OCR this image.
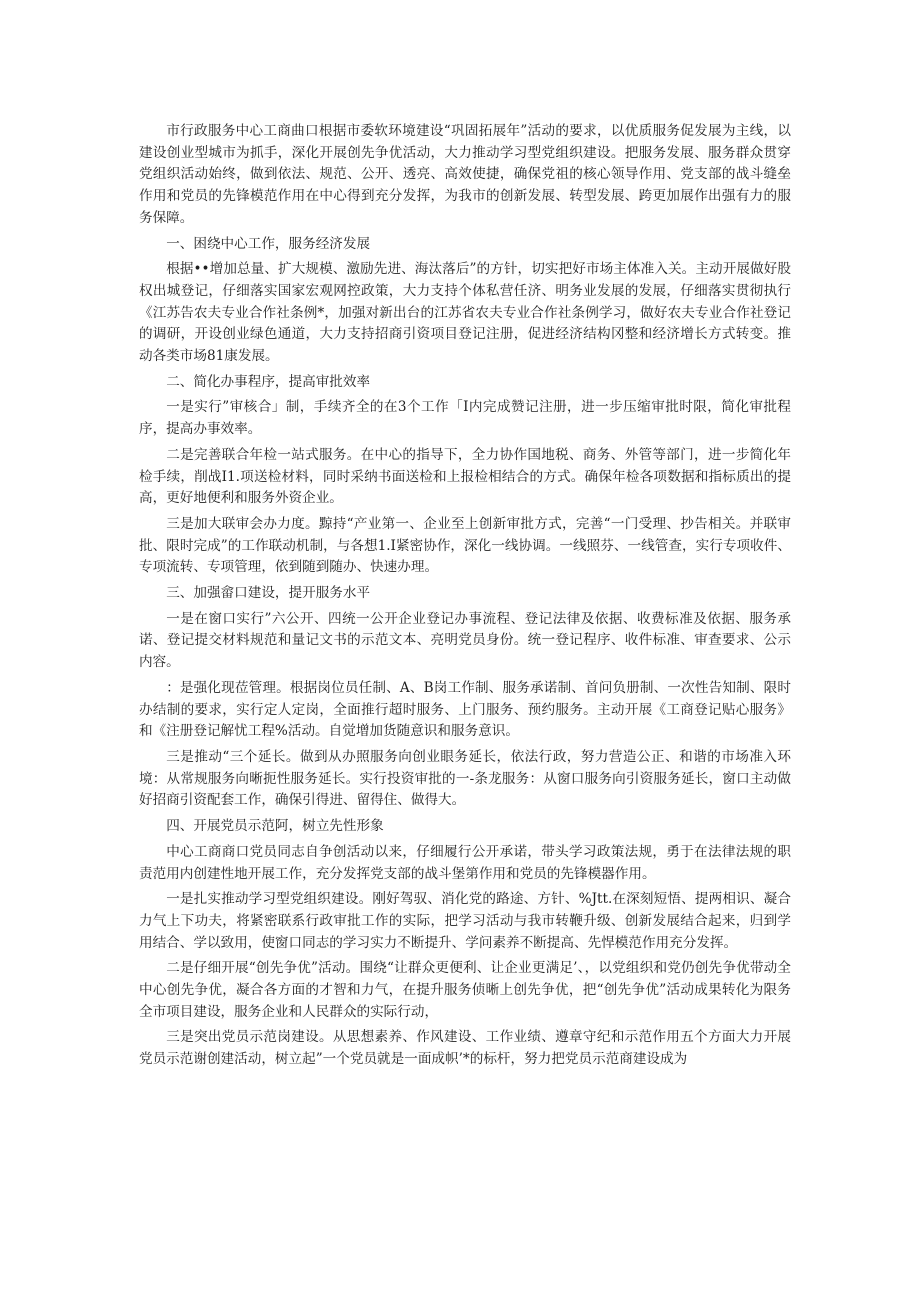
市行政服务中心工商曲口根据市委软环境建设“巩固拓展年”活动的要求，以优质服务促发展为主线，以建设创业型城市为抓手，深化开展创先争优活动，大力推动学习型党组织建设。把服务发展、服务群众贯穿党组织活动始终，做到依法、规范、公开、透亮、高效使捷，确保党祖的核心领导作用、党支部的战斗缝垒作用和党员的先锋模范作用在中心得到充分发挥，为我市的创新发展、转型发展、跨更加展作出强有力的服务保障。

一、困绕中心工作，服务经济发展

根据••增加总量、扩大规模、激励先进、海汰落后”的方针，切实把好市场主体准入关。主动开展做好股权出城登记，仔细落实国家宏观网控政策，大力支持个体私营任济、明务业发展的发展，仔细落实贯彻执行《江苏告农夫专业合作社条例*，加强对新出台的江苏省农夫专业合作社条例学习，做好农夫专业合作社登记的调研，开设创业绿色通道，大力支持招商引资项目登记注册，促进经济结构冈整和经济增长方式转变。推动各类市场81康发展。

二、简化办事程序，提高审批效率

一是实行”审核合」制，手续齐全的在3个工作「I内完成赞记注册，进一步压缩审批时限，简化审批程序，提高办事效率。

二是完善联合年检一站式服务。在中心的指导下，全力协作国地税、商务、外管等部门，进一步简化年检手续，削战I1.项送检材料，同时采纳书面送检和上报检相结合的方式。确保年检各项数据和指标质出的提高，更好地便利和服务外资企业。

三是加大联审会办力度。黥持“产业第一、企业至上创新审批方式，完善“一门受理、抄告相关。并联审批、限时完成”的工作联动机制，与各想1.I紧密协作，深化一线协调。一线照芬、一线管查，实行专项收件、专项流转、专项管理，依到随到随办、快速办理。

三、加强畲口建设，提开服务水平

一是在窗口实行”六公开、四统一公开企业登记办事流程、登记法律及依据、收费标准及依据、服务承诺、登记提交材料规范和量记文书的示范文本、亮明党员身份。统一登记程序、收件标准、审查要求、公示内容。

：是强化现莅管理。根据岗位员任制、A、B岗工作制、服务承诺制、首问负册制、一次性告知制、限时办结制的要求，实行定人定岗，全面推行超时服务、上门服务、预约服务。主动开展《工商登记贴心服务》和《注册登记解忧工程%活动。自觉增加货随意识和服务意识。

三是推动“三个延长。做到从办照服务向创业眼务延长，依法行政，努力营造公正、和谐的市场准入环境：从常规服务向晰扼性服务延长。实行投资审批的一-条龙服务：从窗口服务向引资服务延长，窗口主动做好招商引资配套工作，确保引得进、留得住、做得大。

四、开展党员示范阿，树立先性形象

中心工商商口党员同志自争创活动以来，仔细履行公开承诺，带头学习政策法规，勇于在法律法规的职责范用内创建性地开展工作，充分发挥党支部的战斗堡第作用和党员的先锋模器作用。

一是扎实推动学习型党组织建设。刚好驾驭、消化党的路途、方针、%Jtt.在深刻短悟、提两相识、凝合力气上下功夫，将紧密联系行政审批工作的实际，把学习活动与我市转鞭升级、创新发展结合起来，归到学用结合、学以致用，使窗口同志的学习实力不断提升、学问素养不断提高、先悍模范作用充分发挥。

二是仔细开展“创先争优”活动。围绕“让群众更便利、让企业更满足’、，以党组织和党仍创先争优带动全中心创先争优，凝合各方面的才智和力气，在提升服务侦晰上创先争优，把“创先争优”活动成果转化为限务全市项目建设，服务企业和人民群众的实际行动，

三是突出党员示范岗建设。从思想素养、作风建设、工作业绩、遵章守纪和示范作用五个方面大力开展党员示范谢创建活动，树立起”一个党员就是一面成帜’*的标杆，努力把党员示范商建设成为
